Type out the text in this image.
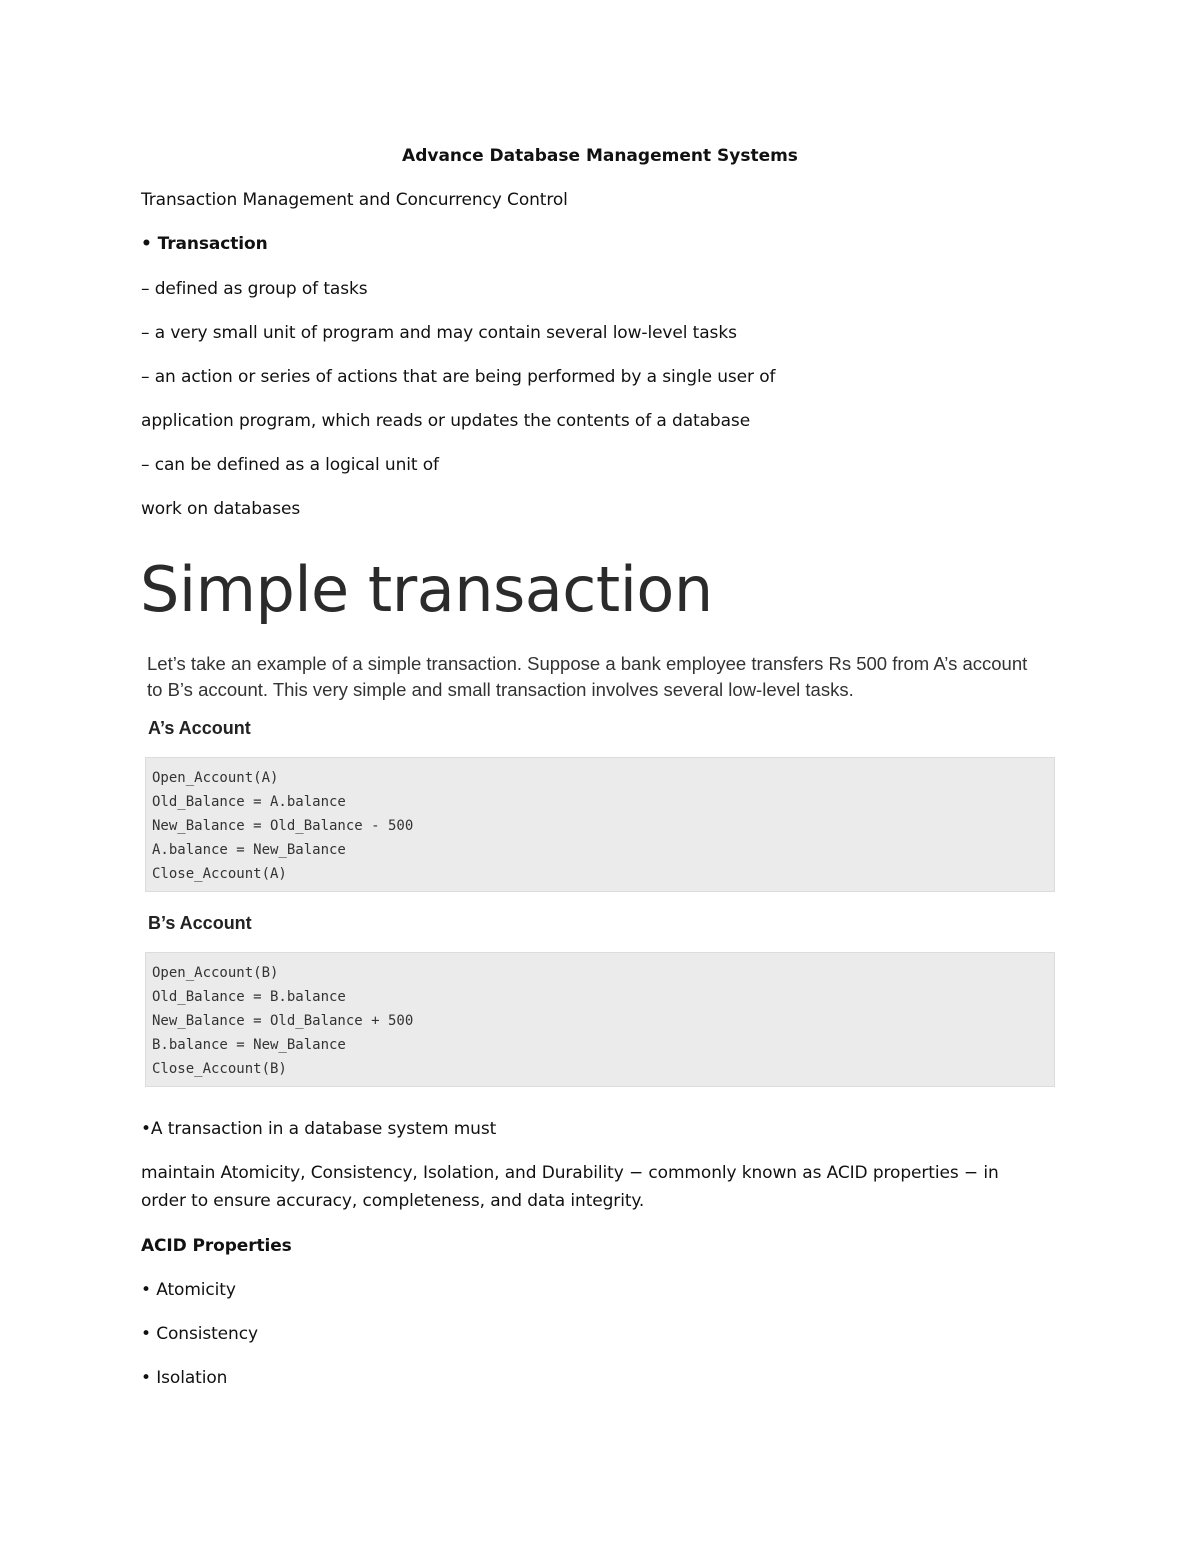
Advance Database Management Systems
Transaction Management and Concurrency Control
• Transaction
– defined as group of tasks
– a very small unit of program and may contain several low-level tasks
– an action or series of actions that are being performed by a single user of
application program, which reads or updates the contents of a database
– can be defined as a logical unit of
work on databases
Simple transaction
Let’s take an example of a simple transaction. Suppose a bank employee transfers Rs 500 from A’s account
to B’s account. This very simple and small transaction involves several low-level tasks.
A’s Account
Open_Account(A)
Old_Balance = A.balance
New_Balance = Old_Balance - 500
A.balance = New_Balance
Close_Account(A)
B’s Account
Open_Account(B)
Old_Balance = B.balance
New_Balance = Old_Balance + 500
B.balance = New_Balance
Close_Account(B)
•A transaction in a database system must
maintain Atomicity, Consistency, Isolation, and Durability − commonly known as ACID properties − in
order to ensure accuracy, completeness, and data integrity.
ACID Properties
• Atomicity
• Consistency
• Isolation
